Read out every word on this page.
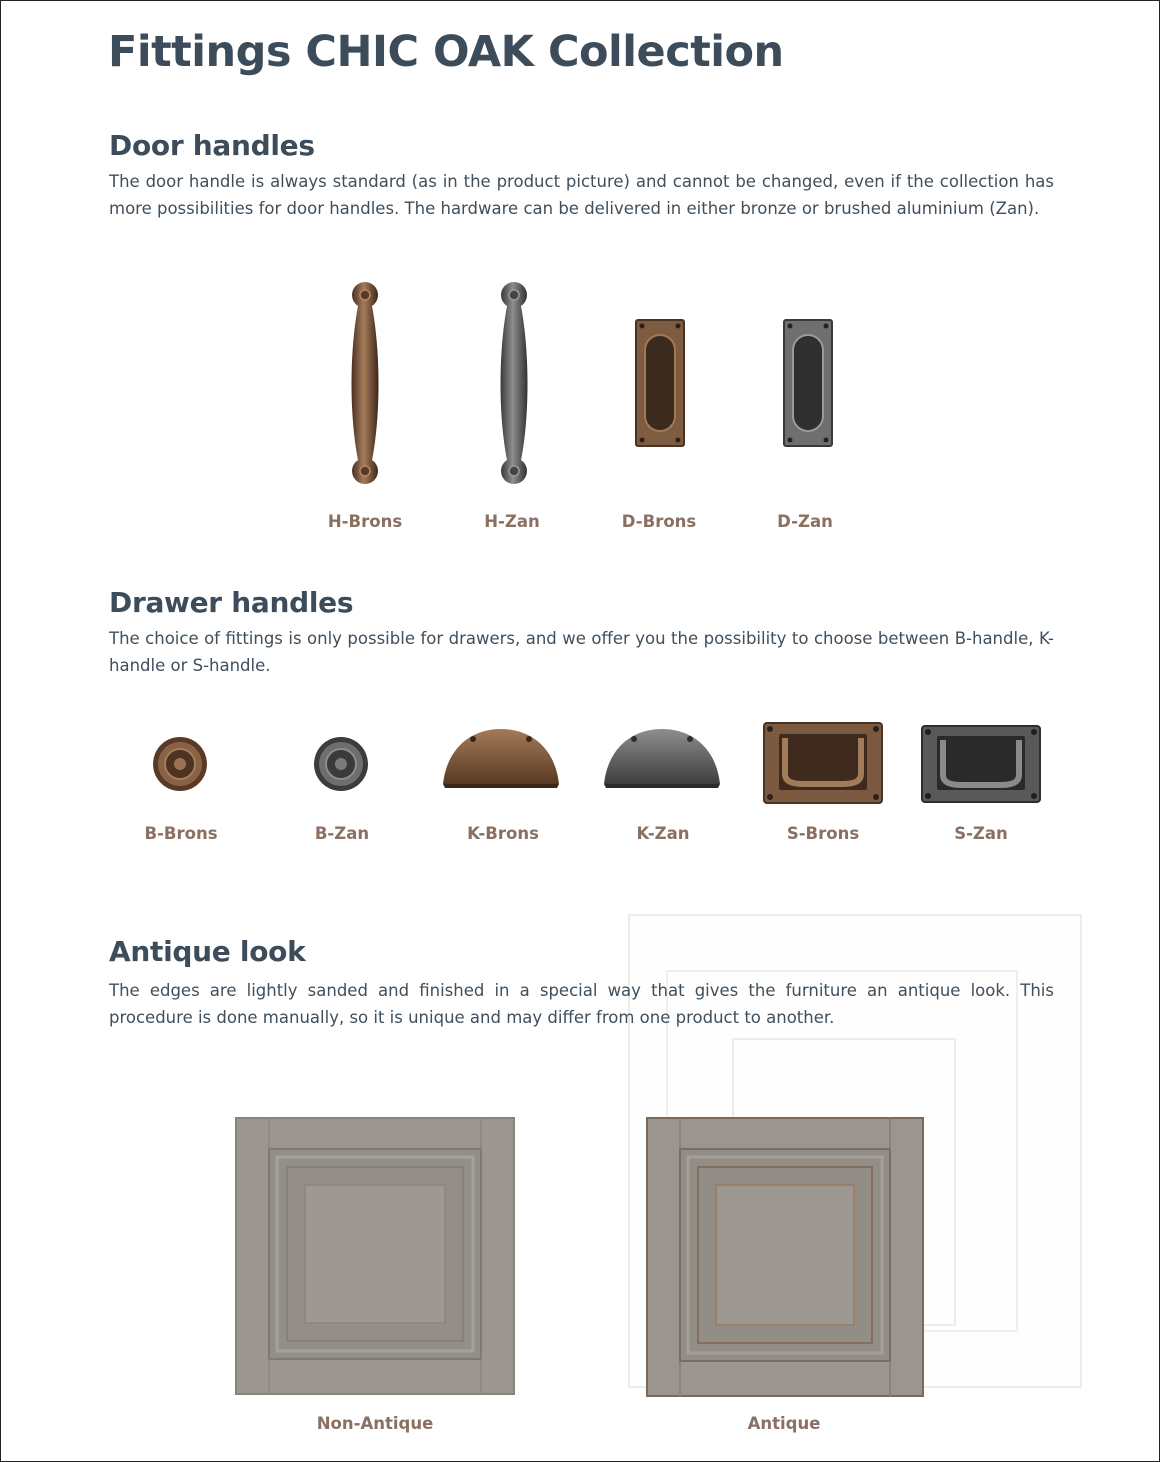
Fittings CHIC OAK Collection
Door handles

The door handle is always standard (as in the product picture) and cannot be changed, even if the collection has more possibilities for door handles. The hardware can be delivered in either bronze or brushed aluminium (Zan).

H-Brons	H-Zan	D-Brons	D-Zan
Drawer handles

The choice of fittings is only possible for drawers, and we offer you the possibility to choose between B-handle, K-handle or S-handle.

B-Brons	B-Zan	K-Brons	K-Zan	S-Brons	S-Zan
Antique look

The edges are lightly sanded and finished in a special way that gives the furniture an antique look. This procedure is done manually, so it is unique and may differ from one product to another.

Non-Antique	Antique
